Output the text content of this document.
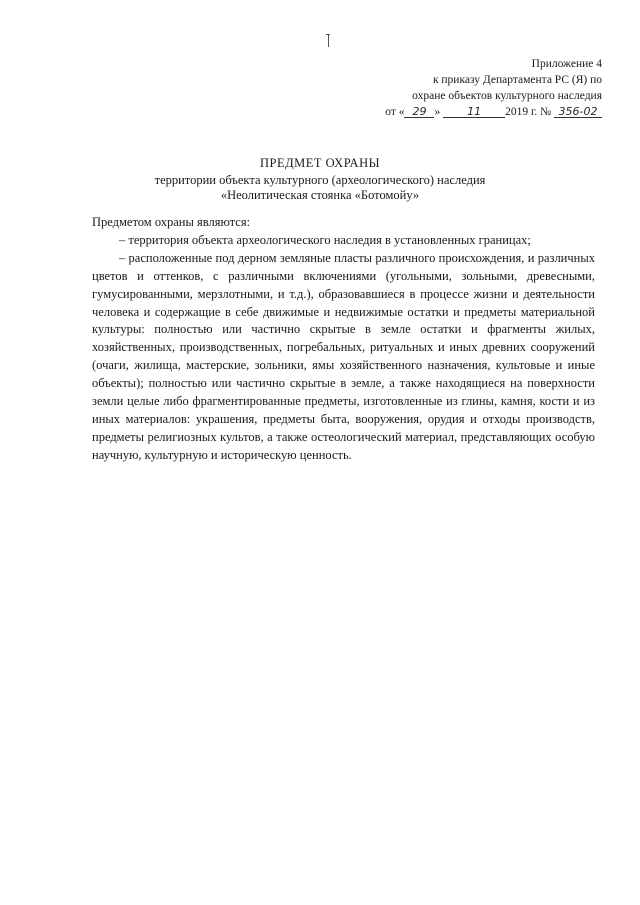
Приложение 4
к приказу Департамента РС (Я) по
охране объектов культурного наследия
от « 29 » 11 2019 г. № 356-02
ПРЕДМЕТ ОХРАНЫ
территории объекта культурного (археологического) наследия
«Неолитическая стоянка «Ботомойу»

Предметом охраны являются:

– территория объекта археологического наследия в установленных границах;

– расположенные под дерном земляные пласты различного происхождения, и различных цветов и оттенков, с различными включениями (угольными, зольными, древесными, гумусированными, мерзлотными, и т.д.), образовавшиеся в процессе жизни и деятельности человека и содержащие в себе движимые и недвижимые остатки и предметы материальной культуры: полностью или частично скрытые в земле остатки и фрагменты жилых, хозяйственных, производственных, погребальных, ритуальных и иных древних сооружений (очаги, жилища, мастерские, зольники, ямы хозяйственного назначения, культовые и иные объекты); полностью или частично скрытые в земле, а также находящиеся на поверхности земли целые либо фрагментированные предметы, изготовленные из глины, камня, кости и из иных материалов: украшения, предметы быта, вооружения, орудия и отходы производств, предметы религиозных культов, а также остеологический материал, представляющих особую научную, культурную и историческую ценность.
